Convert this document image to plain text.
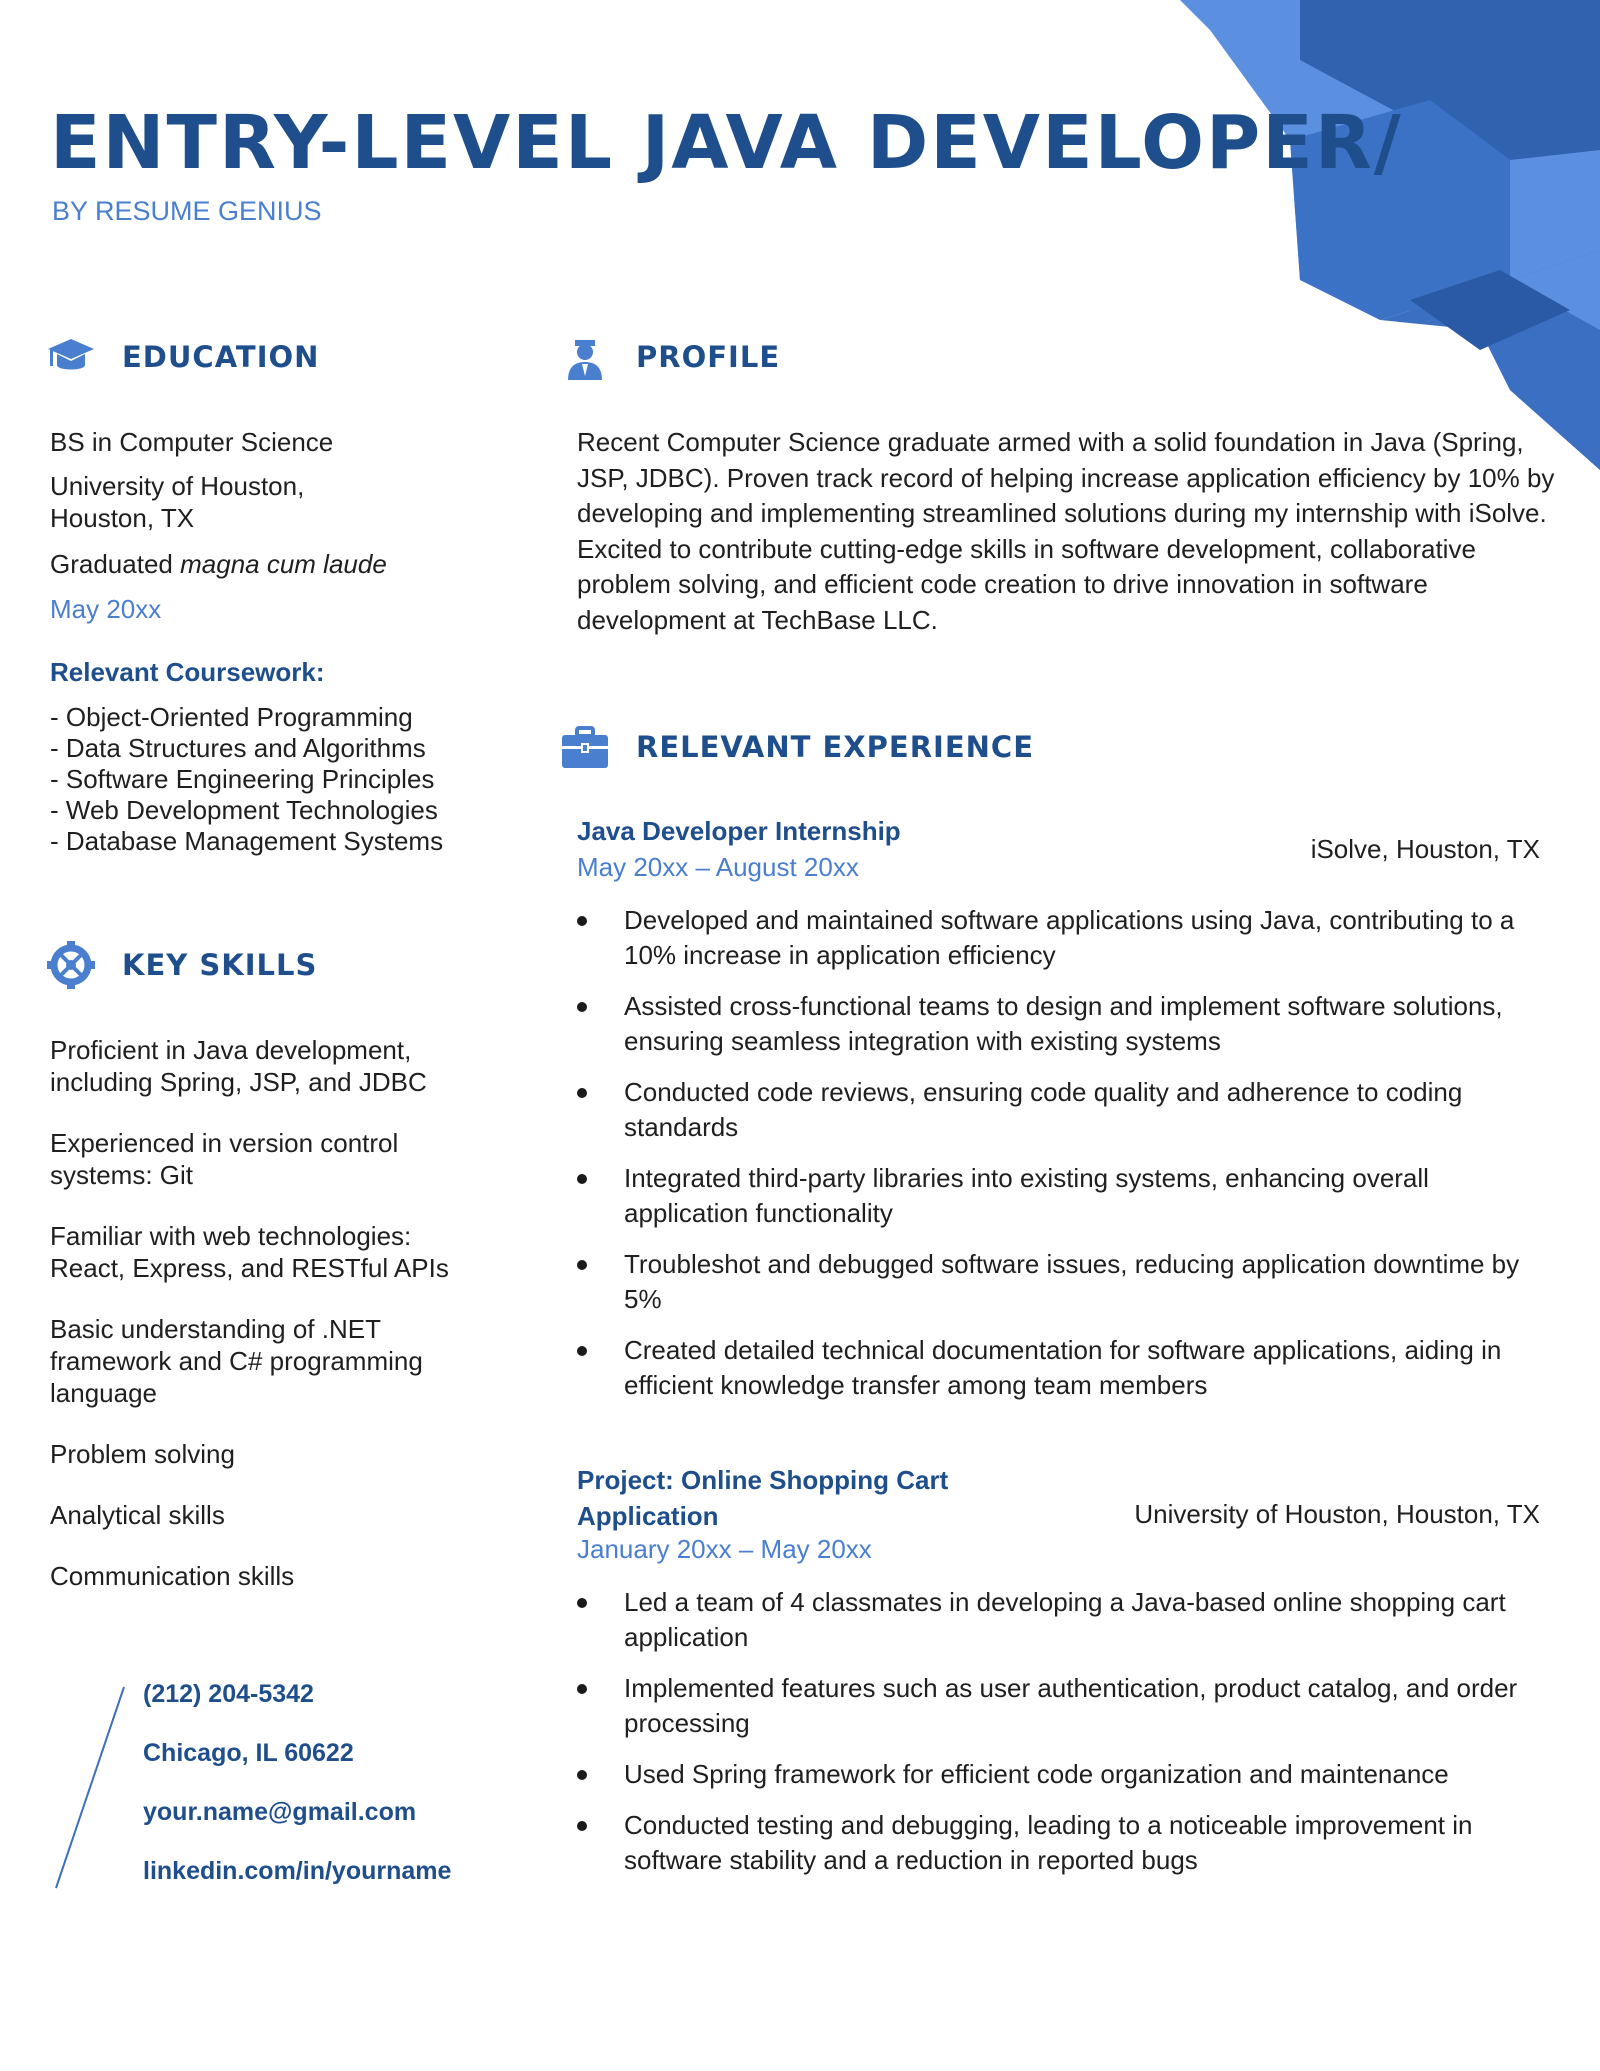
ENTRY-LEVEL JAVA DEVELOPER/
BY RESUME GENIUS
EDUCATION
BS in Computer Science
University of Houston,
Houston, TX
Graduated magna cum laude
May 20xx
Relevant Coursework:
- Object-Oriented Programming
- Data Structures and Algorithms
- Software Engineering Principles
- Web Development Technologies
- Database Management Systems
KEY SKILLS

Proficient in Java development, including Spring, JSP, and JDBC

Experienced in version control systems: Git

Familiar with web technologies: React, Express, and RESTful APIs

Basic understanding of .NET framework and C# programming language

Problem solving

Analytical skills

Communication skills

(212) 204-5342

Chicago, IL 60622

your.name@gmail.com

linkedin.com/in/yourname

PROFILE
Recent Computer Science graduate armed with a solid foundation in Java (Spring, JSP, JDBC). Proven track record of helping increase application efficiency by 10% by developing and implementing streamlined solutions during my internship with iSolve. Excited to contribute cutting-edge skills in software development, collaborative problem solving, and efficient code creation to drive innovation in software development at TechBase LLC.
RELEVANT EXPERIENCE
Java Developer Internship
May 20xx – August 20xx
iSolve, Houston, TX
Developed and maintained software applications using Java, contributing to a 10% increase in application efficiency
Assisted cross-functional teams to design and implement software solutions, ensuring seamless integration with existing systems
Conducted code reviews, ensuring code quality and adherence to coding standards
Integrated third-party libraries into existing systems, enhancing overall application functionality
Troubleshot and debugged software issues, reducing application downtime by 5%
Created detailed technical documentation for software applications, aiding in efficient knowledge transfer among team members
Project: Online Shopping Cart
Application
January 20xx – May 20xx
University of Houston, Houston, TX
Led a team of 4 classmates in developing a Java-based online shopping cart application
Implemented features such as user authentication, product catalog, and order processing
Used Spring framework for efficient code organization and maintenance
Conducted testing and debugging, leading to a noticeable improvement in software stability and a reduction in reported bugs
